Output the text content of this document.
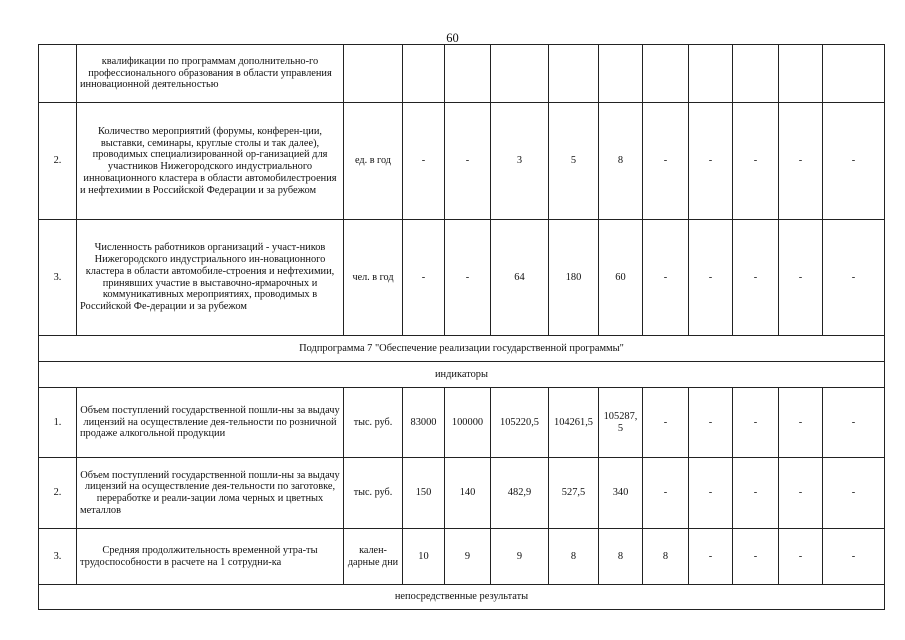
60
	квалификации по программам дополнительно-го профессионального образования в области управления инновационной деятельностью											
2.	Количество мероприятий (форумы, конферен-ции, выставки, семинары, круглые столы и так далее), проводимых специализированной ор-ганизацией для участников Нижегородского индустриального инновационного кластера в области автомобилестроения и нефтехимии в Российской Федерации и за рубежом	ед. в год	-	-	3	5	8	-	-	-	-	-
3.	Численность работников организаций - участ-ников Нижегородского индустриального ин-новационного кластера в области автомобиле-строения и нефтехимии, принявших участие в выставочно-ярмарочных и коммуникативных мероприятиях, проводимых в Российской Фе-дерации и за рубежом	чел. в год	-	-	64	180	60	-	-	-	-	-
Подпрограмма 7 "Обеспечение реализации государственной программы"												
индикаторы												
1.	Объем поступлений государственной пошли-ны за выдачу лицензий на осуществление дея-тельности по розничной продаже алкогольной продукции	тыс. руб.	83000	100000	105220,5	104261,5	105287,5	-	-	-	-	-
2.	Объем поступлений государственной пошли-ны за выдачу лицензий на осуществление дея-тельности по заготовке, переработке и реали-зации лома черных и цветных металлов	тыс. руб.	150	140	482,9	527,5	340	-	-	-	-	-
3.	Средняя продолжительность временной утра-ты трудоспособности в расчете на 1 сотрудни-ка	кален-дарные дни	10	9	9	8	8	8	-	-	-	-
непосредственные результаты												
